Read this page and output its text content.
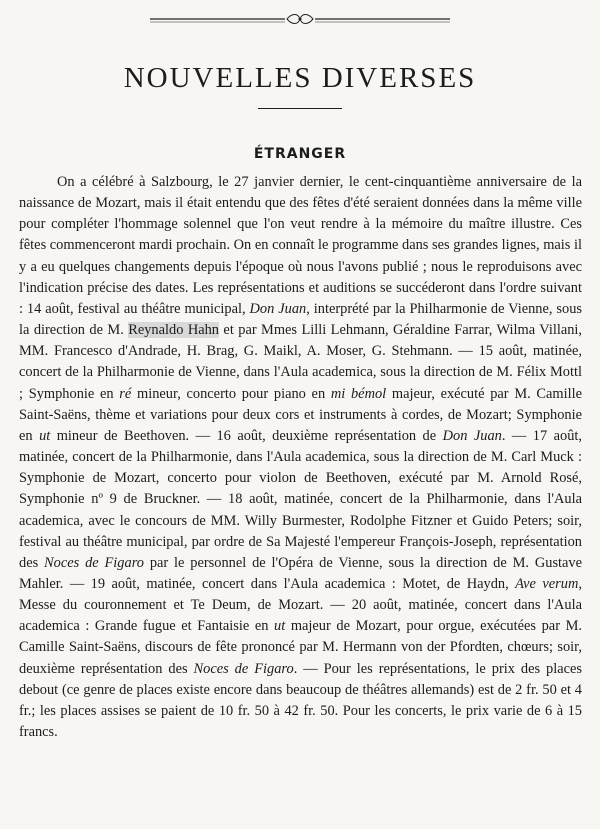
NOUVELLES DIVERSES
ÉTRANGER

On a célébré à Salzbourg, le 27 janvier dernier, le cent-cinquantième anniversaire de la naissance de Mozart, mais il était entendu que des fêtes d'été seraient données dans la même ville pour compléter l'hommage solennel que l'on veut rendre à la mémoire du maître illustre. Ces fêtes commenceront mardi prochain. On en connaît le programme dans ses grandes lignes, mais il y a eu quelques changements depuis l'époque où nous l'avons publié ; nous le reproduisons avec l'indication précise des dates. Les représentations et auditions se succéderont dans l'ordre suivant : 14 août, festival au théâtre municipal, Don Juan, interprété par la Philharmonie de Vienne, sous la direction de M. Reynaldo Hahn et par Mmes Lilli Lehmann, Géraldine Farrar, Wilma Villani, MM. Francesco d'Andrade, H. Brag, G. Maikl, A. Moser, G. Stehmann. — 15 août, matinée, concert de la Philharmonie de Vienne, dans l'Aula academica, sous la direction de M. Félix Mottl ; Symphonie en ré mineur, concerto pour piano en mi bémol majeur, exécuté par M. Camille Saint-Saëns, thème et variations pour deux cors et instruments à cordes, de Mozart; Symphonie en ut mineur de Beethoven. — 16 août, deuxième représentation de Don Juan. — 17 août, matinée, concert de la Philharmonie, dans l'Aula academica, sous la direction de M. Carl Muck : Symphonie de Mozart, concerto pour violon de Beethoven, exécuté par M. Arnold Rosé, Symphonie nº 9 de Bruckner. — 18 août, matinée, concert de la Philharmonie, dans l'Aula academica, avec le concours de MM. Willy Burmester, Rodolphe Fitzner et Guido Peters; soir, festival au théâtre municipal, par ordre de Sa Majesté l'empereur François-Joseph, représentation des Noces de Figaro par le personnel de l'Opéra de Vienne, sous la direction de M. Gustave Mahler. — 19 août, matinée, concert dans l'Aula academica : Motet, de Haydn, Ave verum, Messe du couronnement et Te Deum, de Mozart. — 20 août, matinée, concert dans l'Aula academica : Grande fugue et Fantaisie en ut majeur de Mozart, pour orgue, exécutées par M. Camille Saint-Saëns, discours de fête prononcé par M. Hermann von der Pfordten, chœurs; soir, deuxième représentation des Noces de Figaro. — Pour les représentations, le prix des places debout (ce genre de places existe encore dans beaucoup de théâtres allemands) est de 2 fr. 50 et 4 fr.; les places assises se paient de 10 fr. 50 à 42 fr. 50. Pour les concerts, le prix varie de 6 à 15 francs.
